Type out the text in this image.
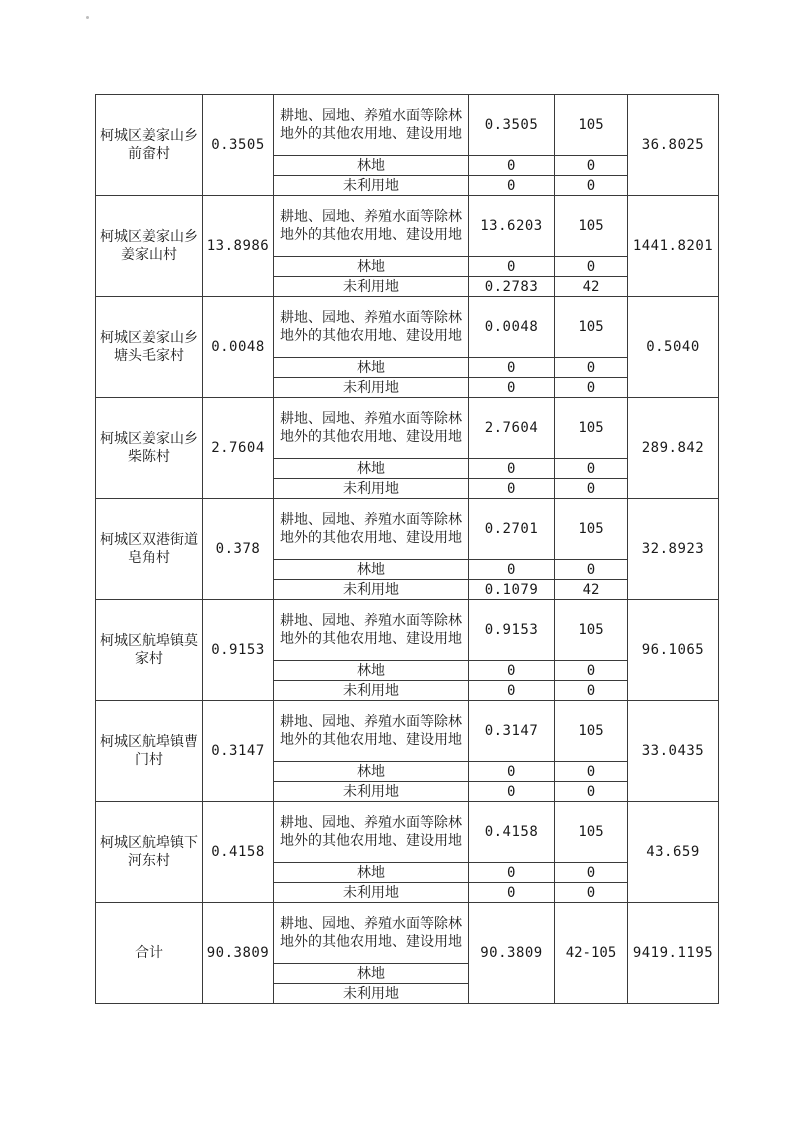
柯城区姜家山乡前畲村	0.3505	耕地、园地、养殖水面等除林地外的其他农用地、建设用地	0.3505	105	36.8025
		林地	0	0	
		未利用地	0	0	
柯城区姜家山乡姜家山村	13.8986	耕地、园地、养殖水面等除林地外的其他农用地、建设用地	13.6203	105	1441.8201
		林地	0	0	
		未利用地	0.2783	42	
柯城区姜家山乡塘头毛家村	0.0048	耕地、园地、养殖水面等除林地外的其他农用地、建设用地	0.0048	105	0.5040
		林地	0	0	
		未利用地	0	0	
柯城区姜家山乡柴陈村	2.7604	耕地、园地、养殖水面等除林地外的其他农用地、建设用地	2.7604	105	289.842
		林地	0	0	
		未利用地	0	0	
柯城区双港街道皂角村	0.378	耕地、园地、养殖水面等除林地外的其他农用地、建设用地	0.2701	105	32.8923
		林地	0	0	
		未利用地	0.1079	42	
柯城区航埠镇莫家村	0.9153	耕地、园地、养殖水面等除林地外的其他农用地、建设用地	0.9153	105	96.1065
		林地	0	0	
		未利用地	0	0	
柯城区航埠镇曹门村	0.3147	耕地、园地、养殖水面等除林地外的其他农用地、建设用地	0.3147	105	33.0435
		林地	0	0	
		未利用地	0	0	
柯城区航埠镇下河东村	0.4158	耕地、园地、养殖水面等除林地外的其他农用地、建设用地	0.4158	105	43.659
		林地	0	0	
		未利用地	0	0	
合计	90.3809	耕地、园地、养殖水面等除林地外的其他农用地、建设用地	90.3809	42-105	9419.1195
		林地			
		未利用地			
